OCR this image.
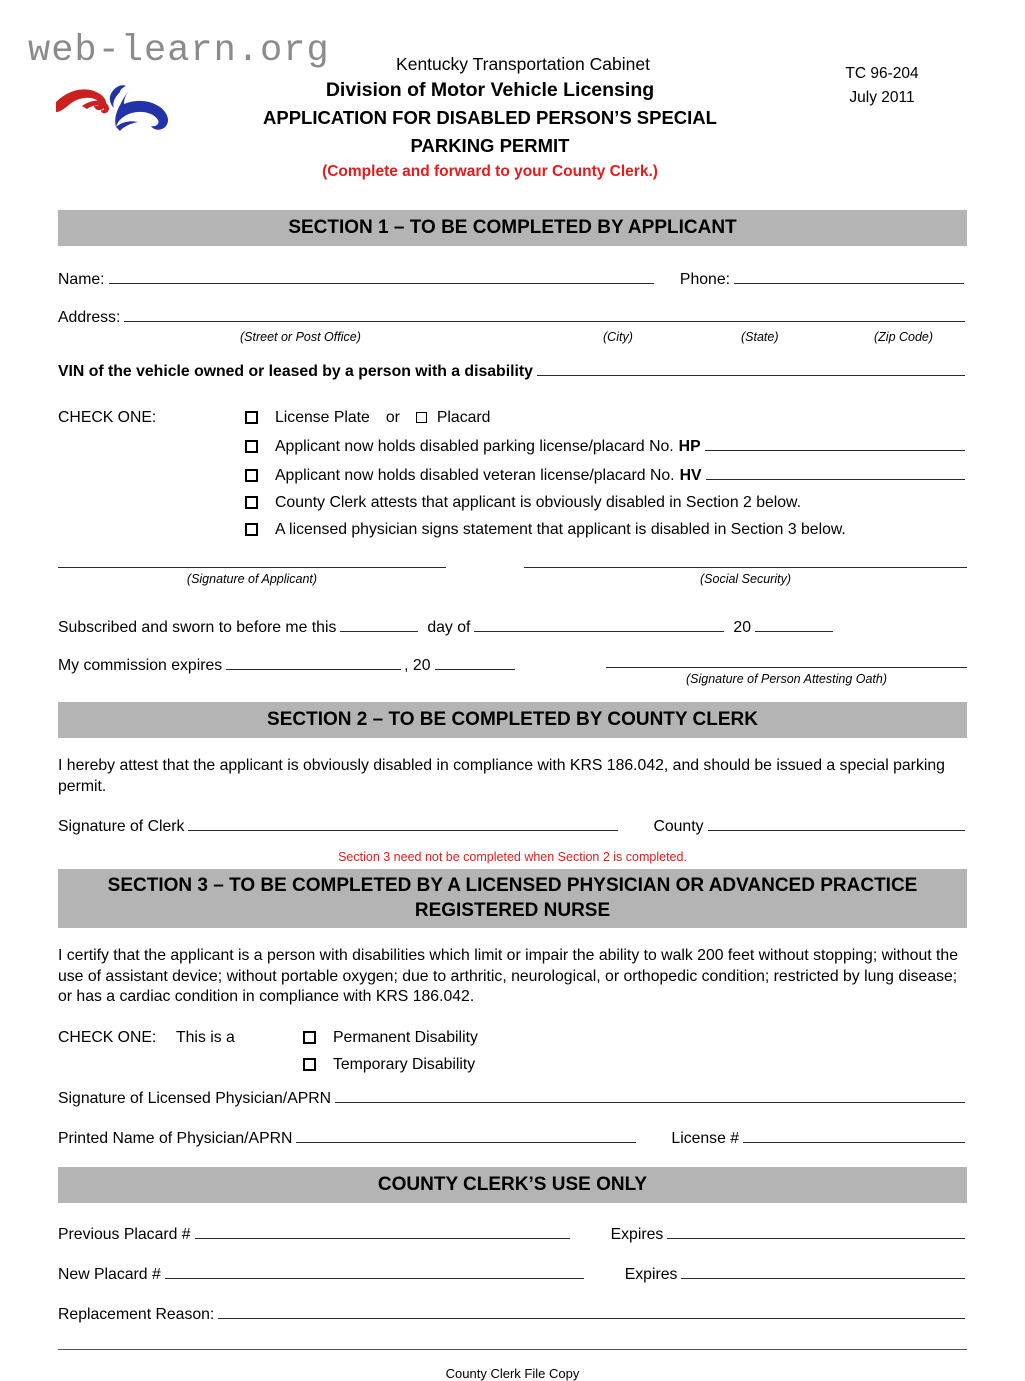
web-learn.org	Kentucky Transportation Cabinet
Division of Motor Vehicle Licensing
APPLICATION FOR DISABLED PERSON’S SPECIAL
PARKING PERMIT
(Complete and forward to your County Clerk.)
TC 96-204
July 2011
SECTION 1 – TO BE COMPLETED BY APPLICANT
Name:	Phone:
Address:
(Street or Post Office)	(City)	(State)	(Zip Code)
VIN of the vehicle owned or leased by a person with a disability
CHECK ONE:	License Plate or Placard
Applicant now holds disabled parking license/placard No. HP
Applicant now holds disabled veteran license/placard No. HV
County Clerk attests that applicant is obviously disabled in Section 2 below.
A licensed physician signs statement that applicant is disabled in Section 3 below.
(Signature of Applicant)	(Social Security)
Subscribed and sworn to before me this	day of	20
My commission expires	, 20
(Signature of Person Attesting Oath)
SECTION 2 – TO BE COMPLETED BY COUNTY CLERK
I hereby attest that the applicant is obviously disabled in compliance with KRS 186.042, and should be issued a special parking permit.
Signature of Clerk	County
Section 3 need not be completed when Section 2 is completed.
SECTION 3 – TO BE COMPLETED BY A LICENSED PHYSICIAN OR ADVANCED PRACTICE
REGISTERED NURSE
I certify that the applicant is a person with disabilities which limit or impair the ability to walk 200 feet without stopping; without the use of assistant device; without portable oxygen; due to arthritic, neurological, or orthopedic condition; restricted by lung disease; or has a cardiac condition in compliance with KRS 186.042.
CHECK ONE: This is a	Permanent Disability
Temporary Disability
Signature of Licensed Physician/APRN
Printed Name of Physician/APRN	License #
COUNTY CLERK’S USE ONLY
Previous Placard #	Expires
New Placard #	Expires
Replacement Reason:
County Clerk File Copy
